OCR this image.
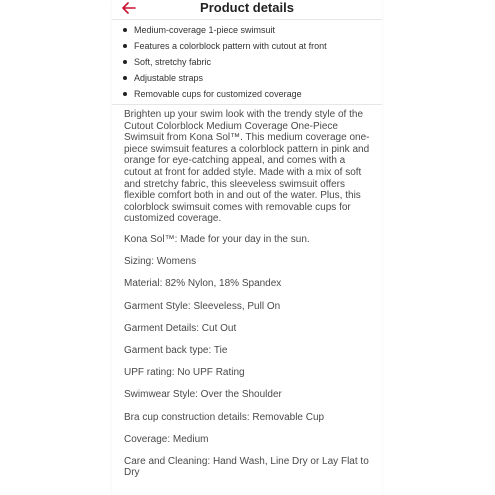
Product details
Medium-coverage 1-piece swimsuit
Features a colorblock pattern with cutout at front
Soft, stretchy fabric
Adjustable straps
Removable cups for customized coverage

Brighten up your swim look with the trendy style of the Cutout Colorblock Medium Coverage One-Piece Swimsuit from Kona Sol™. This medium coverage one-piece swimsuit features a colorblock pattern in pink and orange for eye-catching appeal, and comes with a cutout at front for added style. Made with a mix of soft and stretchy fabric, this sleeveless swimsuit offers flexible comfort both in and out of the water. Plus, this colorblock swimsuit comes with removable cups for customized coverage.

Kona Sol™: Made for your day in the sun.

Sizing: Womens

Material: 82% Nylon, 18% Spandex

Garment Style: Sleeveless, Pull On

Garment Details: Cut Out

Garment back type: Tie

UPF rating: No UPF Rating

Swimwear Style: Over the Shoulder

Bra cup construction details: Removable Cup

Coverage: Medium

Care and Cleaning: Hand Wash, Line Dry or Lay Flat to Dry
